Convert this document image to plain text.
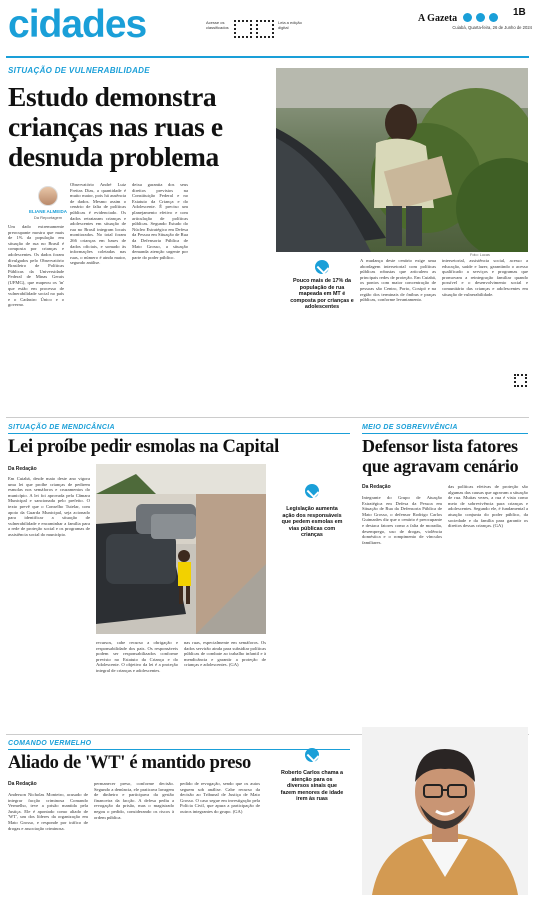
cidades	Acesse os classificados
Leia a edição digital
A Gazeta
1B
Cuiabá, Quarta-feira, 26 de Junho de 2024
SITUAÇÃO DE VULNERABILIDADE
Estudo demonstra crianças nas ruas e desnuda problema
Foto: Lucas
ELIANE ALMEIDA
Da Reportagem
Um dado extremamente preocupante mostra que mais de 1% da população em situação de rua no Brasil é composta por crianças e adolescentes. Os dados foram divulgados pelo Observatório Brasileiro de Políticas Públicas da Universidade Federal de Minas Gerais (UFMG), que mapeou os 'in' que estão em processo de vulnerabilidade social no país e o Cadastro Único e o governo.
Observatório André Luiz Freitas Dias, a quantidade é muito maior, pois há ausência de dados. Mesmo assim o cenário de falta de políticas públicas é evidenciado. Os dados retrataram crianças e adolescentes em situação de rua no Brasil integram locais monitorados. No total foram 266 crianças em bases de dados oficiais, e somado às informações coletadas nas ruas, o número é ainda maior, segundo análise.
deixa garantia dos seus direitos previstos na Constituição Federal e no Estatuto da Criança e do Adolescente. É preciso um planejamento efetivo e com articulação de políticas públicas. Segundo Estudo do Núcleo Estratégico em Defesa da Pessoa em Situação de Rua da Defensoria Pública de Mato Grosso, a situação demanda atenção urgente por parte do poder público.
Pouco mais de 17% da população de rua mapeada em MT é composta por crianças e adolescentes
A mudança deste cenário exige uma abordagem intersetorial com políticas públicas robustas que articulem as principais redes de proteção. Em Cuiabá, os pontos com maior concentração de pessoas são Centro, Porto, Coxipó e na região dos terminais de ônibus e praças públicas, conforme levantamento.
intersetorial, assistência social, acesso a educação, saúde e lazer, garantindo o acesso qualificado a serviços e programas que promovam a reintegração familiar quando possível e o desenvolvimento social e comunitário das crianças e adolescentes em situação de vulnerabilidade.
SITUAÇÃO DE MENDICÂNCIA
Lei proíbe pedir esmolas na Capital
Da Redação
Em Cuiabá, desde maio deste ano vigora uma lei que proíbe crianças de pedirem esmolas nos semáforos e cruzamentos do município. A lei foi aprovada pela Câmara Municipal e sancionada pelo prefeito. O texto prevê que o Conselho Tutelar, com apoio da Guarda Municipal, seja acionado para identificar a situação de vulnerabilidade e encaminhar a família para a rede de proteção social e os programas de assistência social do município.
Legislação aumenta ação dos responsáveis que pedem esmolas em vias públicas com crianças
recursos, cabe recurso a obrigação e responsabilidade dos pais. Os responsáveis podem ser responsabilizados conforme previsto no Estatuto da Criança e do Adolescente. O objetivo da lei é a proteção integral de crianças e adolescentes.
nas ruas, especialmente em semáforos. Os dados servirão ainda para subsidiar políticas públicas de combate ao trabalho infantil e à mendicância e garantir a proteção de crianças e adolescentes. (GA)
MEIO DE SOBREVIVÊNCIA
Defensor lista fatores que agravam cenário
Da Redação
Integrante do Grupo de Atuação Estratégica em Defesa da Pessoa em Situação de Rua da Defensoria Pública de Mato Grosso, o defensor Rodrigo Carlos Guimarães diz que o cenário é preocupante e destaca fatores como a falta de moradia, desemprego, uso de drogas, violência doméstica e o rompimento de vínculos familiares.
das políticas efetivas de proteção são algumas das causas que agravam a situação de rua. Muitas vezes, a rua é vista como meio de sobrevivência para crianças e adolescentes. Segundo ele, é fundamental a atuação conjunta do poder público, da sociedade e da família para garantir os direitos dessas crianças. (GA)
COMANDO VERMELHO
Aliado de 'WT' é mantido preso
Da Redação
Anderson Nicholas Monteiro, acusado de integrar facção criminosa Comando Vermelho, teve a prisão mantida pela Justiça. Ele é apontado como aliado de 'WT', um dos líderes da organização em Mato Grosso, e responde por tráfico de drogas e associação criminosa.
permanecer preso, conforme decisão. Segundo a denúncia, ele praticava lavagem de dinheiro e participava da gestão financeira da facção. A defesa pediu a revogação da prisão, mas o magistrado negou o pedido, considerando os riscos à ordem pública.
pedido de revogação, sendo que os autos seguem sob análise. Cabe recurso da decisão ao Tribunal de Justiça de Mato Grosso. O caso segue em investigação pela Polícia Civil, que apura a participação de outros integrantes do grupo. (GA)
Roberto Carlos chama a atenção para os diversos sinais que fazem menores de idade irem às ruas
